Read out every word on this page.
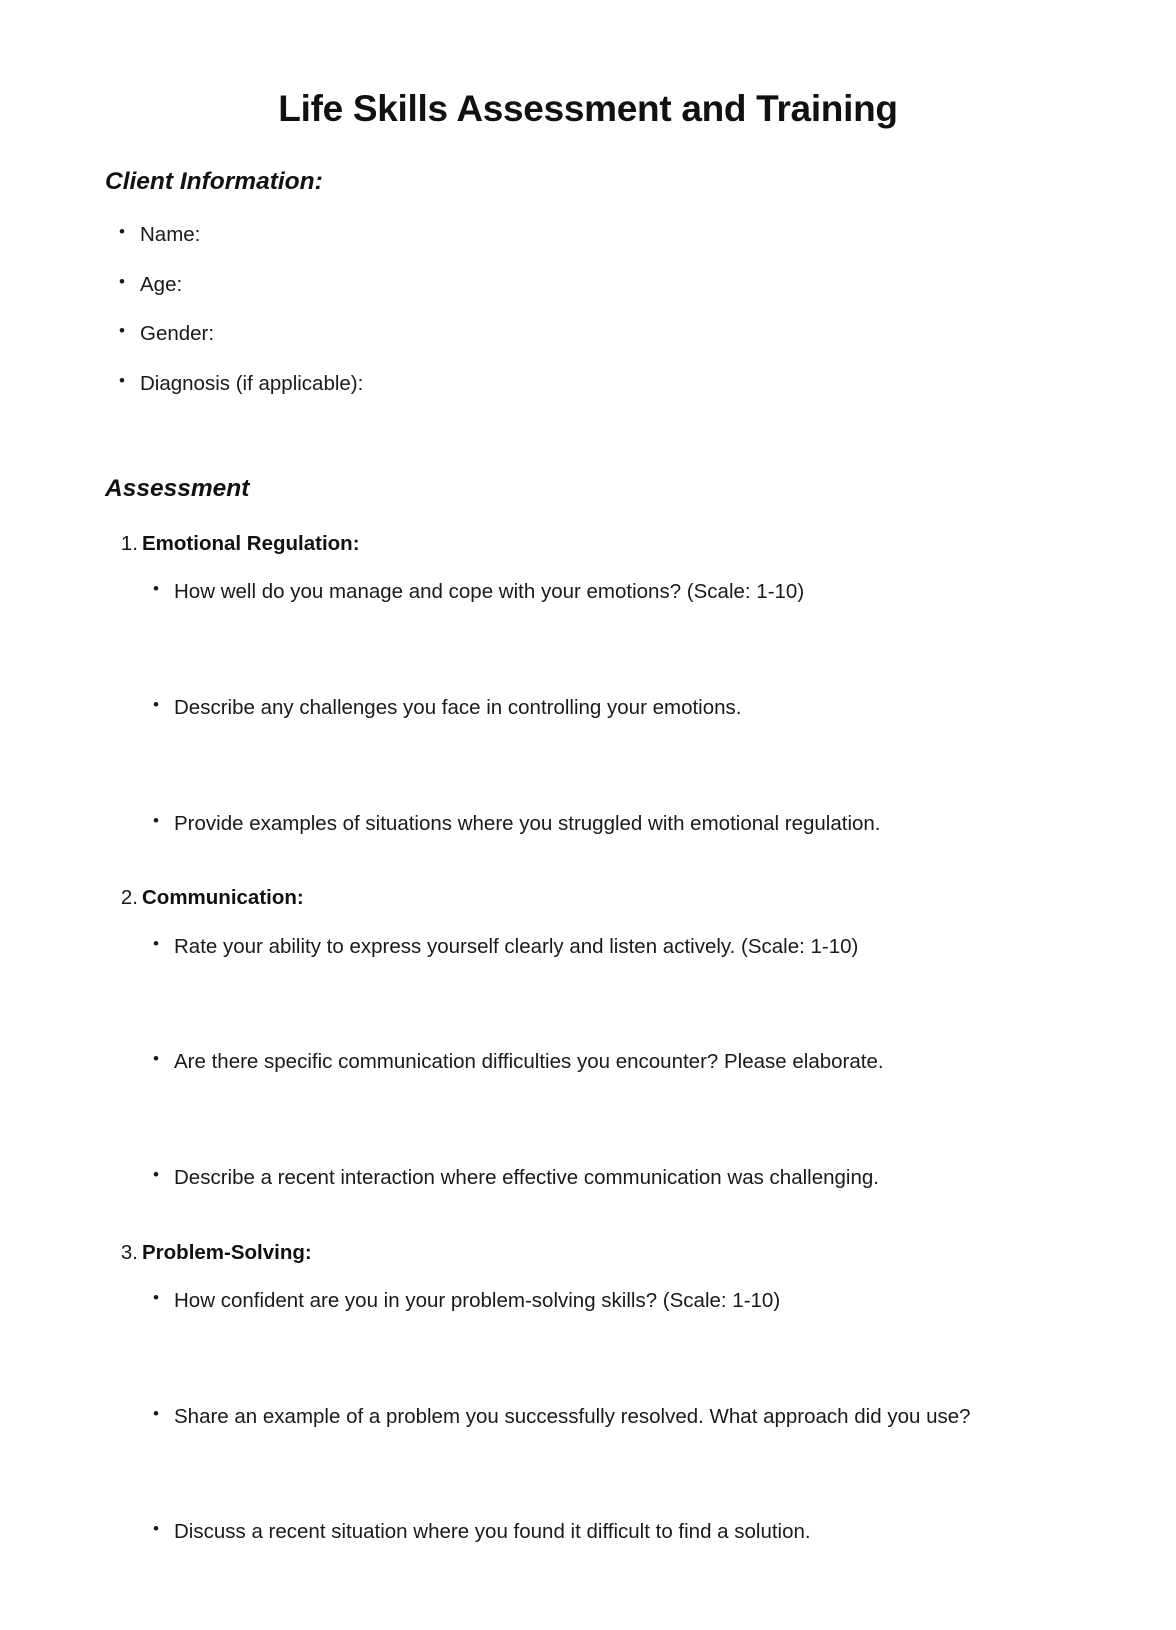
Life Skills Assessment and Training
Client Information:
• Name:
• Age:
• Gender:
• Diagnosis (if applicable):
Assessment
1. Emotional Regulation:
• How well do you manage and cope with your emotions? (Scale: 1-10)
• Describe any challenges you face in controlling your emotions.
• Provide examples of situations where you struggled with emotional regulation.
2. Communication:
• Rate your ability to express yourself clearly and listen actively. (Scale: 1-10)
• Are there specific communication difficulties you encounter? Please elaborate.
• Describe a recent interaction where effective communication was challenging.
3. Problem-Solving:
• How confident are you in your problem-solving skills? (Scale: 1-10)
• Share an example of a problem you successfully resolved. What approach did you use?
• Discuss a recent situation where you found it difficult to find a solution.
